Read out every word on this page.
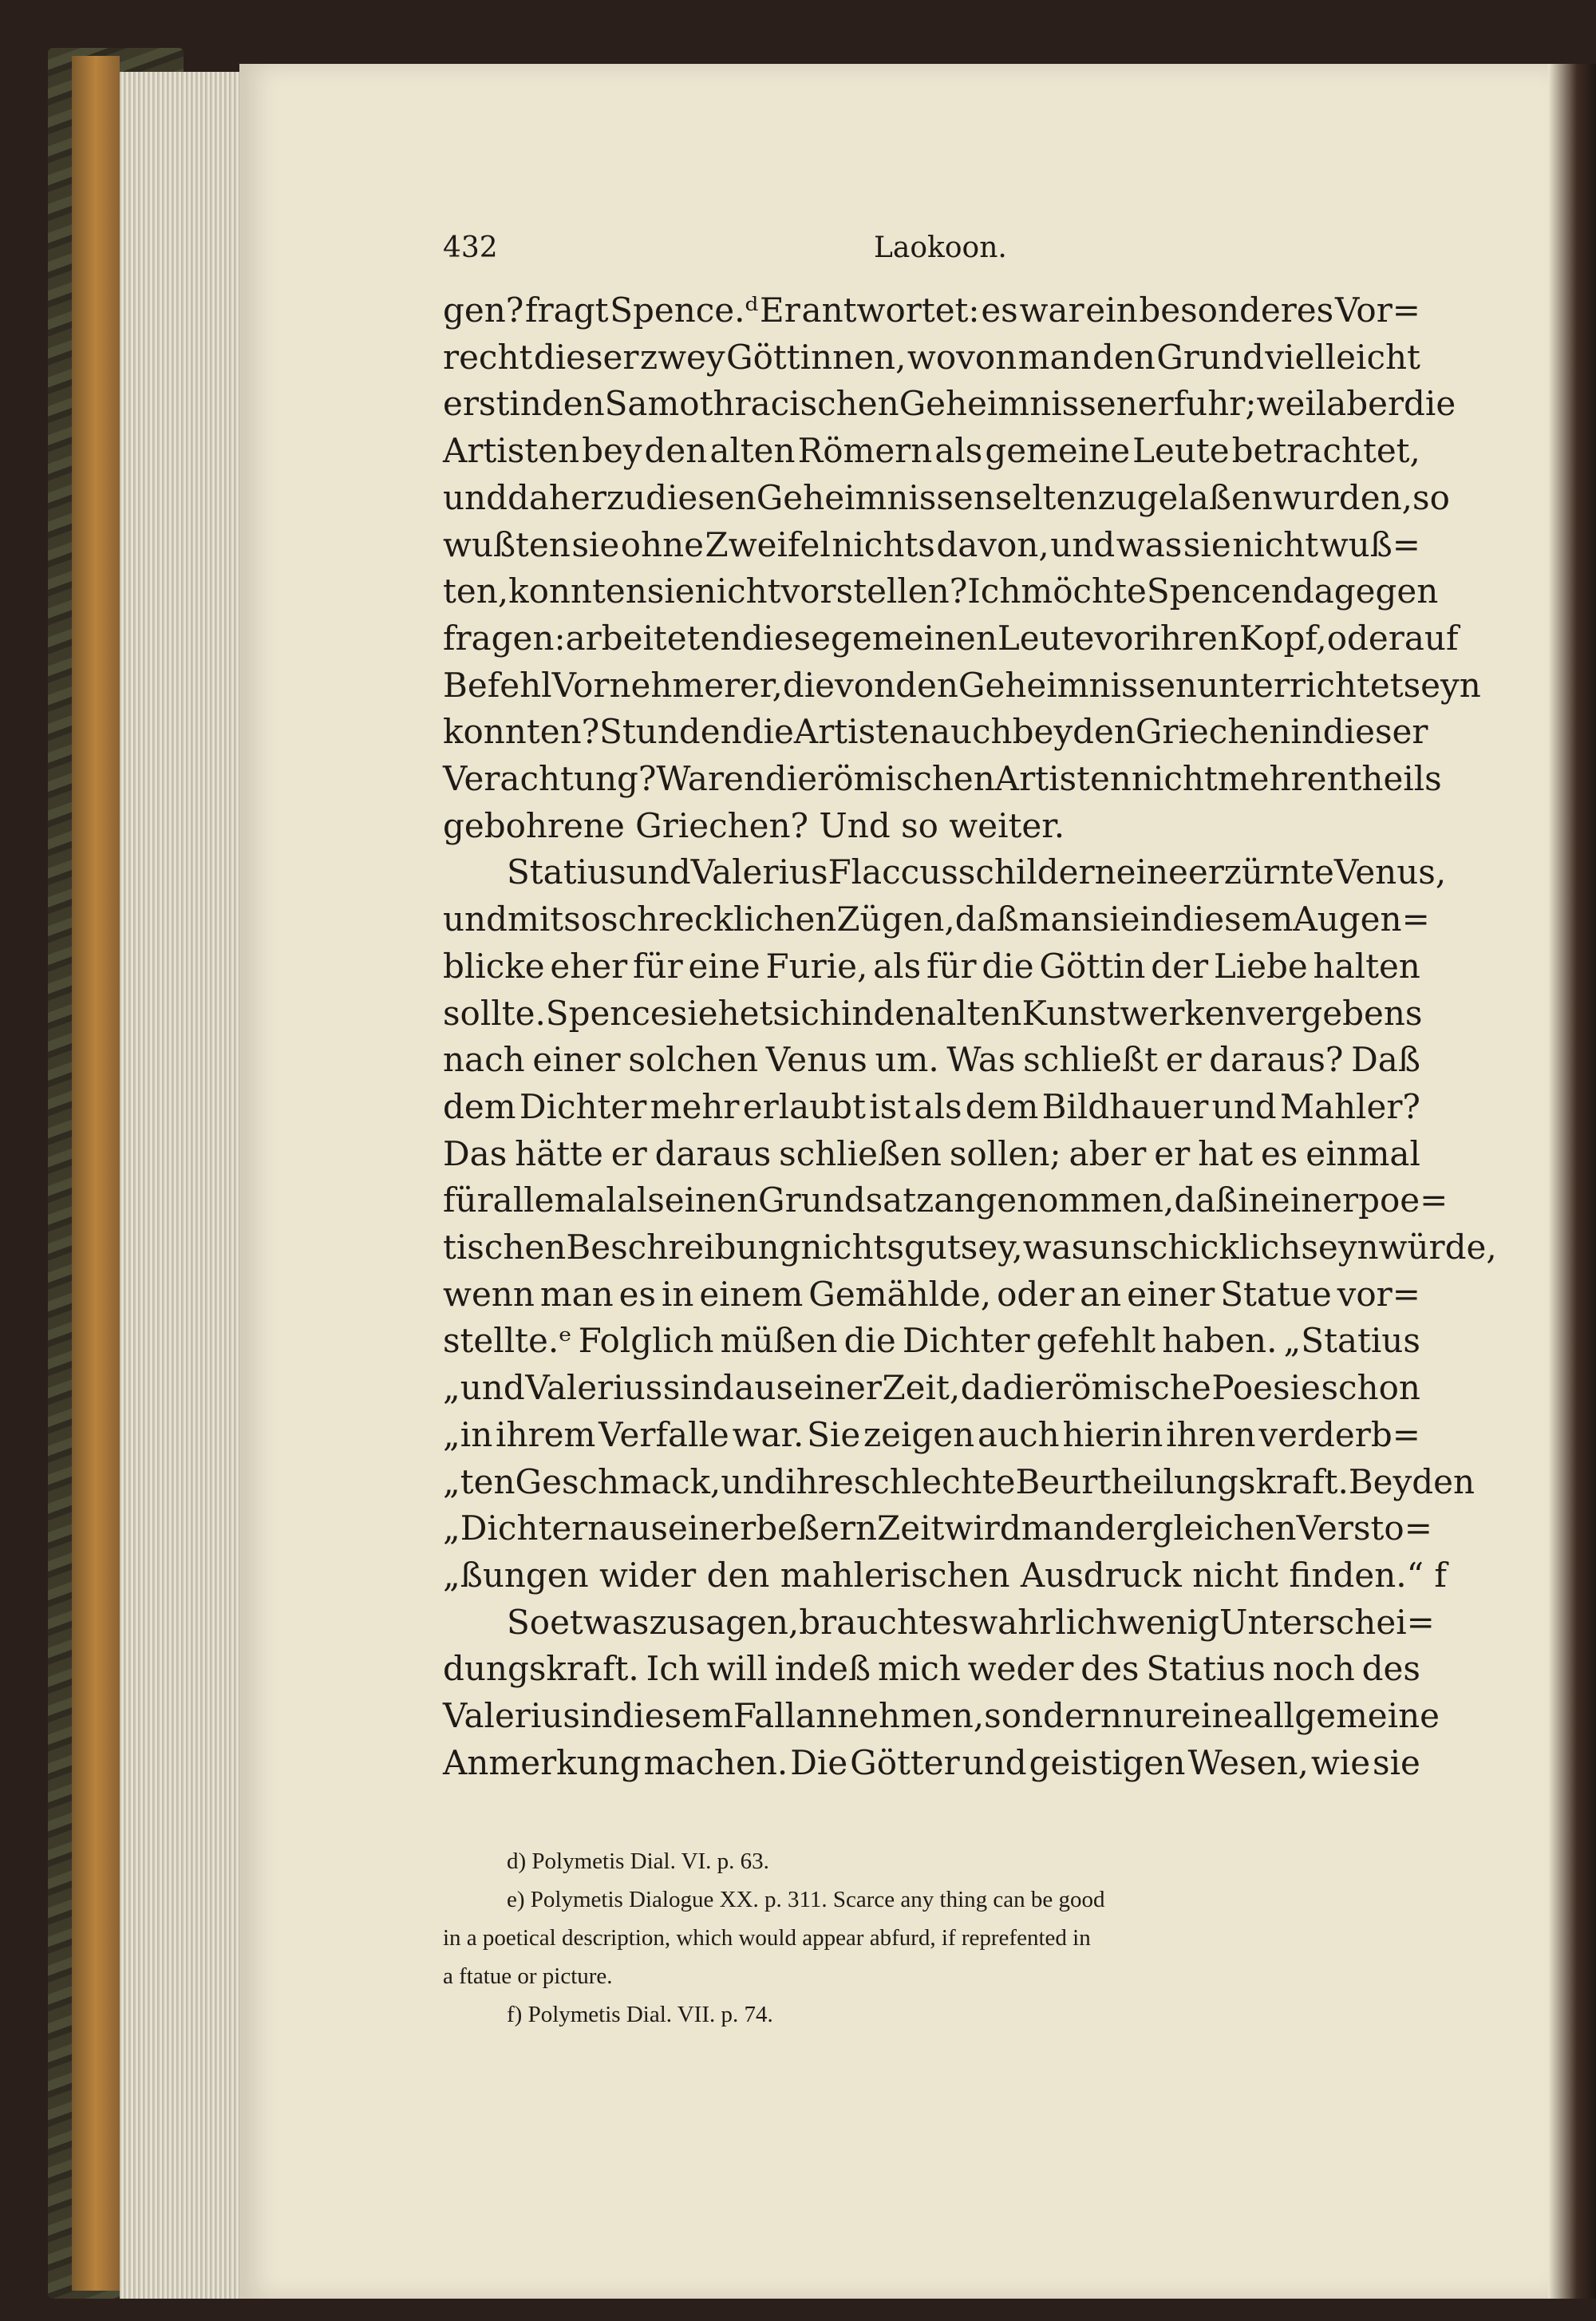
432	Laokoon.
gen? fragt Spence.ᵈ Er antwortet: es war ein besonderes Vor=
recht dieser zwey Göttinnen, wovon man den Grund vielleicht
erst in den Samothracischen Geheimnissen erfuhr; weil aber die
Artisten bey den alten Römern als gemeine Leute betrachtet,
und daher zu diesen Geheimnissen selten zugelaßen wurden, so
wußten sie ohne Zweifel nichts davon, und was sie nicht wuß=
ten, konnten sie nicht vorstellen? Ich möchte Spencen dagegen
fragen: arbeiteten diese gemeinen Leute vor ihren Kopf, oder auf
Befehl Vornehmerer, die von den Geheimnissen unterrichtet seyn
konnten? Stunden die Artisten auch bey den Griechen in dieser
Verachtung? Waren die römischen Artisten nicht mehrentheils
gebohrene Griechen? Und so weiter.
Statius und Valerius Flaccus schildern eine erzürnte Venus,
und mit so schrecklichen Zügen, daß man sie in diesem Augen=
blicke eher für eine Furie, als für die Göttin der Liebe halten
sollte. Spence siehet sich in den alten Kunstwerken vergebens
nach einer solchen Venus um. Was schließt er daraus? Daß
dem Dichter mehr erlaubt ist als dem Bildhauer und Mahler?
Das hätte er daraus schließen sollen; aber er hat es einmal
für allemal als einen Grundsatz angenommen, daß in einer poe=
tischen Beschreibung nichts gut sey, was unschicklich seyn würde,
wenn man es in einem Gemählde, oder an einer Statue vor=
stellte.ᵉ Folglich müßen die Dichter gefehlt haben. „Statius
„und Valerius sind aus einer Zeit, da die römische Poesie schon
„in ihrem Verfalle war. Sie zeigen auch hierin ihren verderb=
„ten Geschmack, und ihre schlechte Beurtheilungskraft. Bey den
„Dichtern aus einer beßern Zeit wird man dergleichen Versto=
„ßungen wider den mahlerischen Ausdruck nicht finden.“ f
So etwas zu sagen, braucht es wahrlich wenig Unterschei=
dungskraft. Ich will indeß mich weder des Statius noch des
Valerius in diesem Fall annehmen, sondern nur eine allgemeine
Anmerkung machen. Die Götter und geistigen Wesen, wie sie
d) Polymetis Dial. VI. p. 63.
e) Polymetis Dialogue XX. p. 311. Scarce any thing can be good
in a poetical description, which would appear abfurd, if reprefented in
a ftatue or picture.
f) Polymetis Dial. VII. p. 74.
